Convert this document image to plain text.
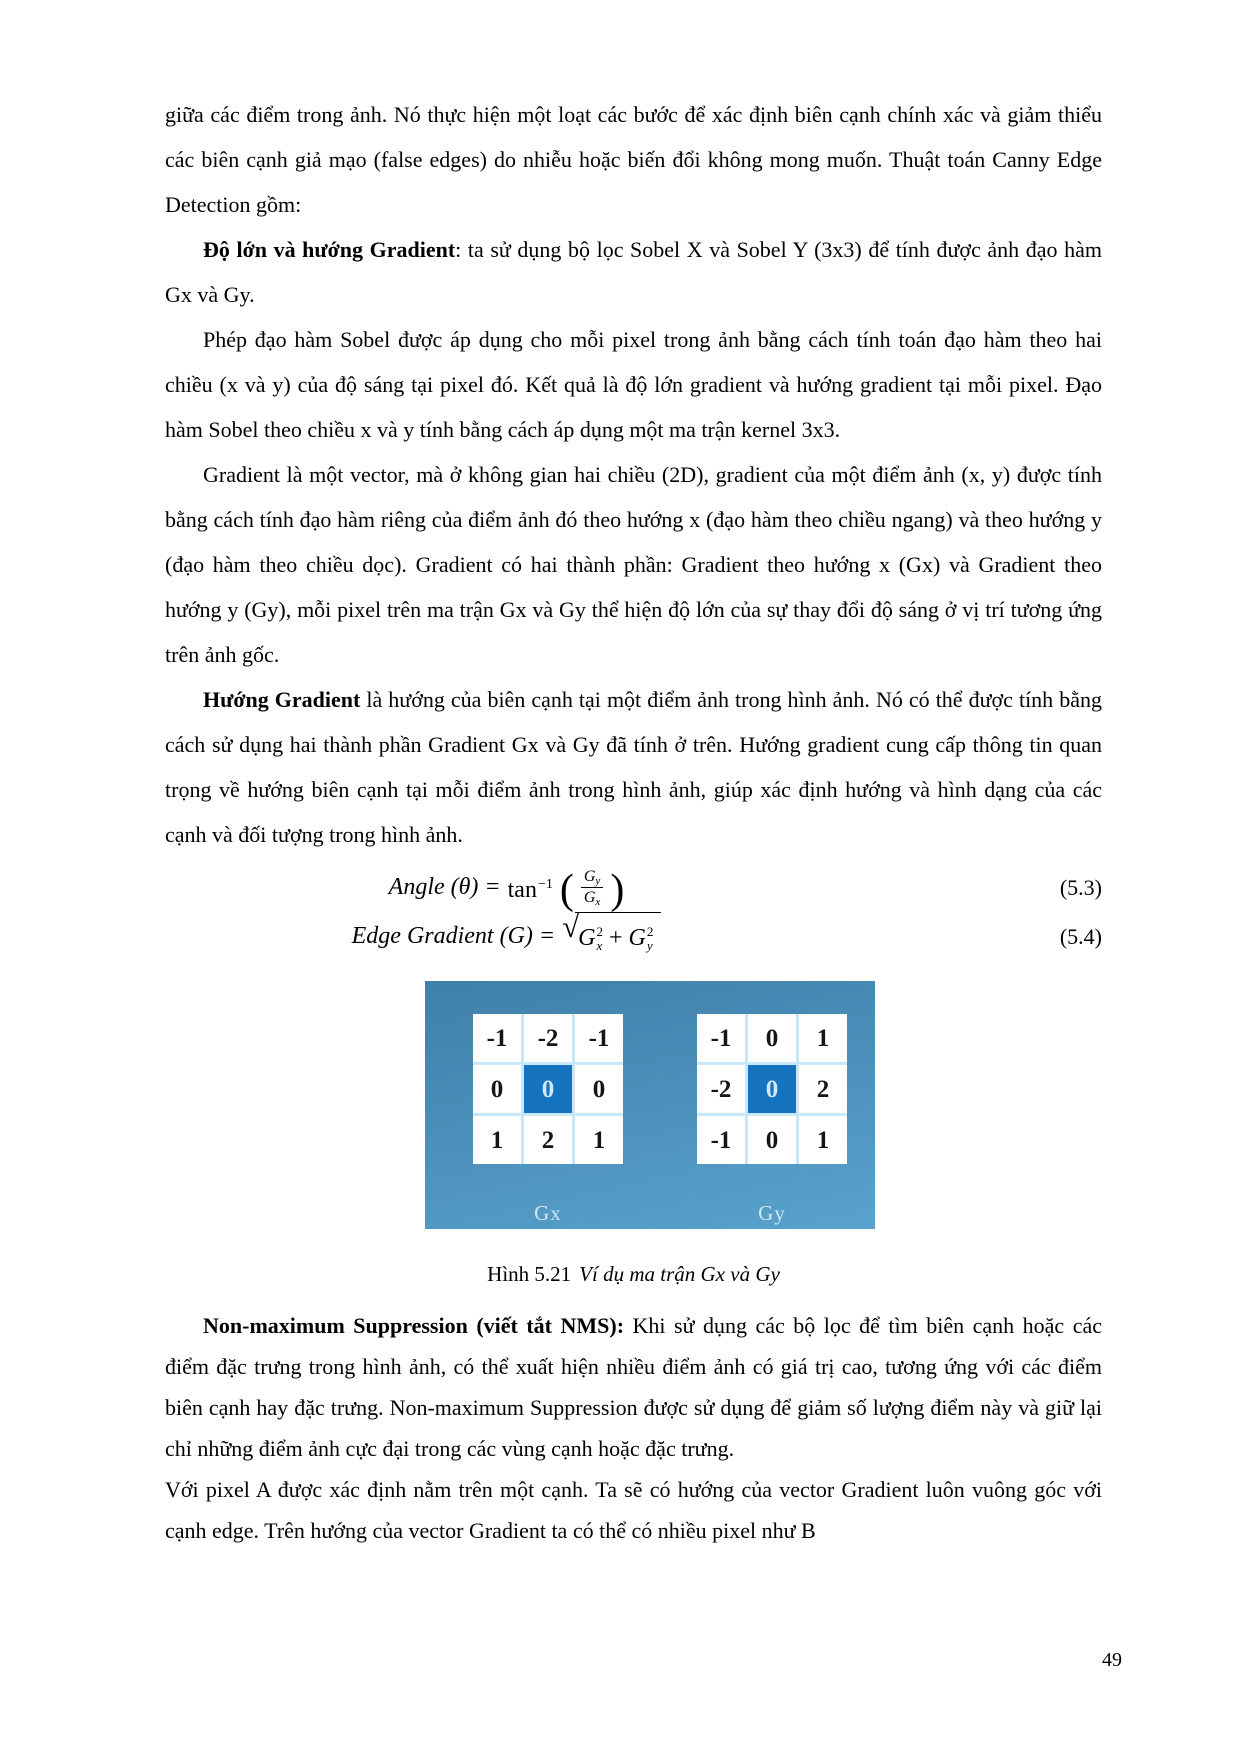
giữa các điểm trong ảnh. Nó thực hiện một loạt các bước để xác định biên cạnh chính xác và giảm thiểu các biên cạnh giả mạo (false edges) do nhiễu hoặc biến đổi không mong muốn. Thuật toán Canny Edge Detection gồm:

Độ lớn và hướng Gradient: ta sử dụng bộ lọc Sobel X và Sobel Y (3x3) để tính được ảnh đạo hàm Gx và Gy.

Phép đạo hàm Sobel được áp dụng cho mỗi pixel trong ảnh bằng cách tính toán đạo hàm theo hai chiều (x và y) của độ sáng tại pixel đó. Kết quả là độ lớn gradient và hướng gradient tại mỗi pixel. Đạo hàm Sobel theo chiều x và y tính bằng cách áp dụng một ma trận kernel 3x3.

Gradient là một vector, mà ở không gian hai chiều (2D), gradient của một điểm ảnh (x, y) được tính bằng cách tính đạo hàm riêng của điểm ảnh đó theo hướng x (đạo hàm theo chiều ngang) và theo hướng y (đạo hàm theo chiều dọc). Gradient có hai thành phần: Gradient theo hướng x (Gx) và Gradient theo hướng y (Gy), mỗi pixel trên ma trận Gx và Gy thể hiện độ lớn của sự thay đổi độ sáng ở vị trí tương ứng trên ảnh gốc.

Hướng Gradient là hướng của biên cạnh tại một điểm ảnh trong hình ảnh. Nó có thể được tính bằng cách sử dụng hai thành phần Gradient Gx và Gy đã tính ở trên. Hướng gradient cung cấp thông tin quan trọng về hướng biên cạnh tại mỗi điểm ảnh trong hình ảnh, giúp xác định hướng và hình dạng của các cạnh và đối tượng trong hình ảnh.

Angle (θ) = tan$^{-1}$ ( $\frac{\text{G y}}{\text{G x}}$ )	(5.3)
Edge Gradient (G) = √ G 2
x + G 2
y	(5.4)
-1	-2	-1
0	0	0
1	2	1
Gx
-1	0	1
-2	0	2
-1	0	1
Gy
Hình 5.21 Ví dụ ma trận Gx và Gy

Non-maximum Suppression (viết tắt NMS): Khi sử dụng các bộ lọc để tìm biên cạnh hoặc các điểm đặc trưng trong hình ảnh, có thể xuất hiện nhiều điểm ảnh có giá trị cao, tương ứng với các điểm biên cạnh hay đặc trưng. Non-maximum Suppression được sử dụng để giảm số lượng điểm này và giữ lại chỉ những điểm ảnh cực đại trong các vùng cạnh hoặc đặc trưng.

Với pixel A được xác định nằm trên một cạnh. Ta sẽ có hướng của vector Gradient luôn vuông góc với cạnh edge. Trên hướng của vector Gradient ta có thể có nhiều pixel như B

49
